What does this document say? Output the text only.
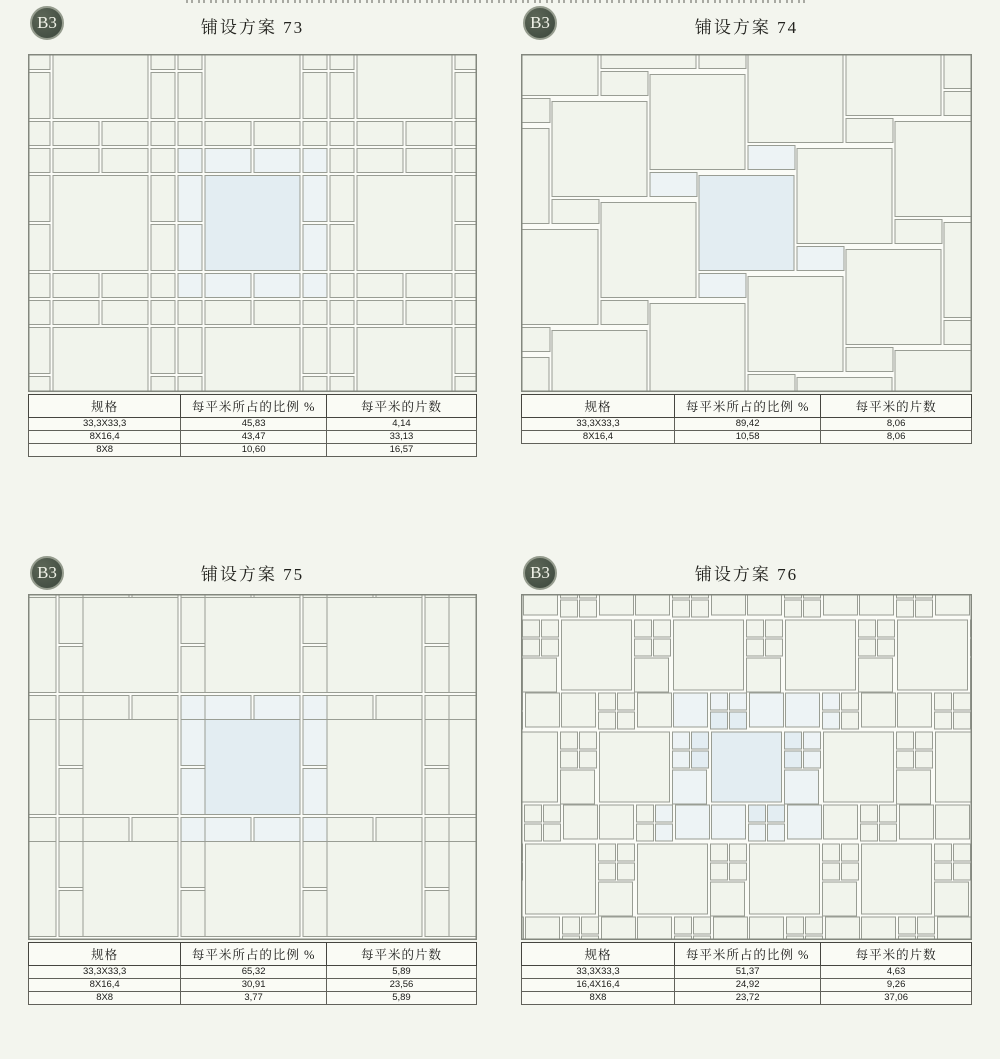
B3	铺设方案 73
规格	每平米所占的比例 %	每平米的片数
33,3X33,3	45,83	4,14
8X16,4	43,47	33,13
8X8	10,60	16,57
B3	铺设方案 74
规格	每平米所占的比例 %	每平米的片数
33,3X33,3	89,42	8,06
8X16,4	10,58	8,06
B3	铺设方案 75
规格	每平米所占的比例 %	每平米的片数
33,3X33,3	65,32	5,89
8X16,4	30,91	23,56
8X8	3,77	5,89
B3	铺设方案 76
规格	每平米所占的比例 %	每平米的片数
33,3X33,3	51,37	4,63
16,4X16,4	24,92	9,26
8X8	23,72	37,06
